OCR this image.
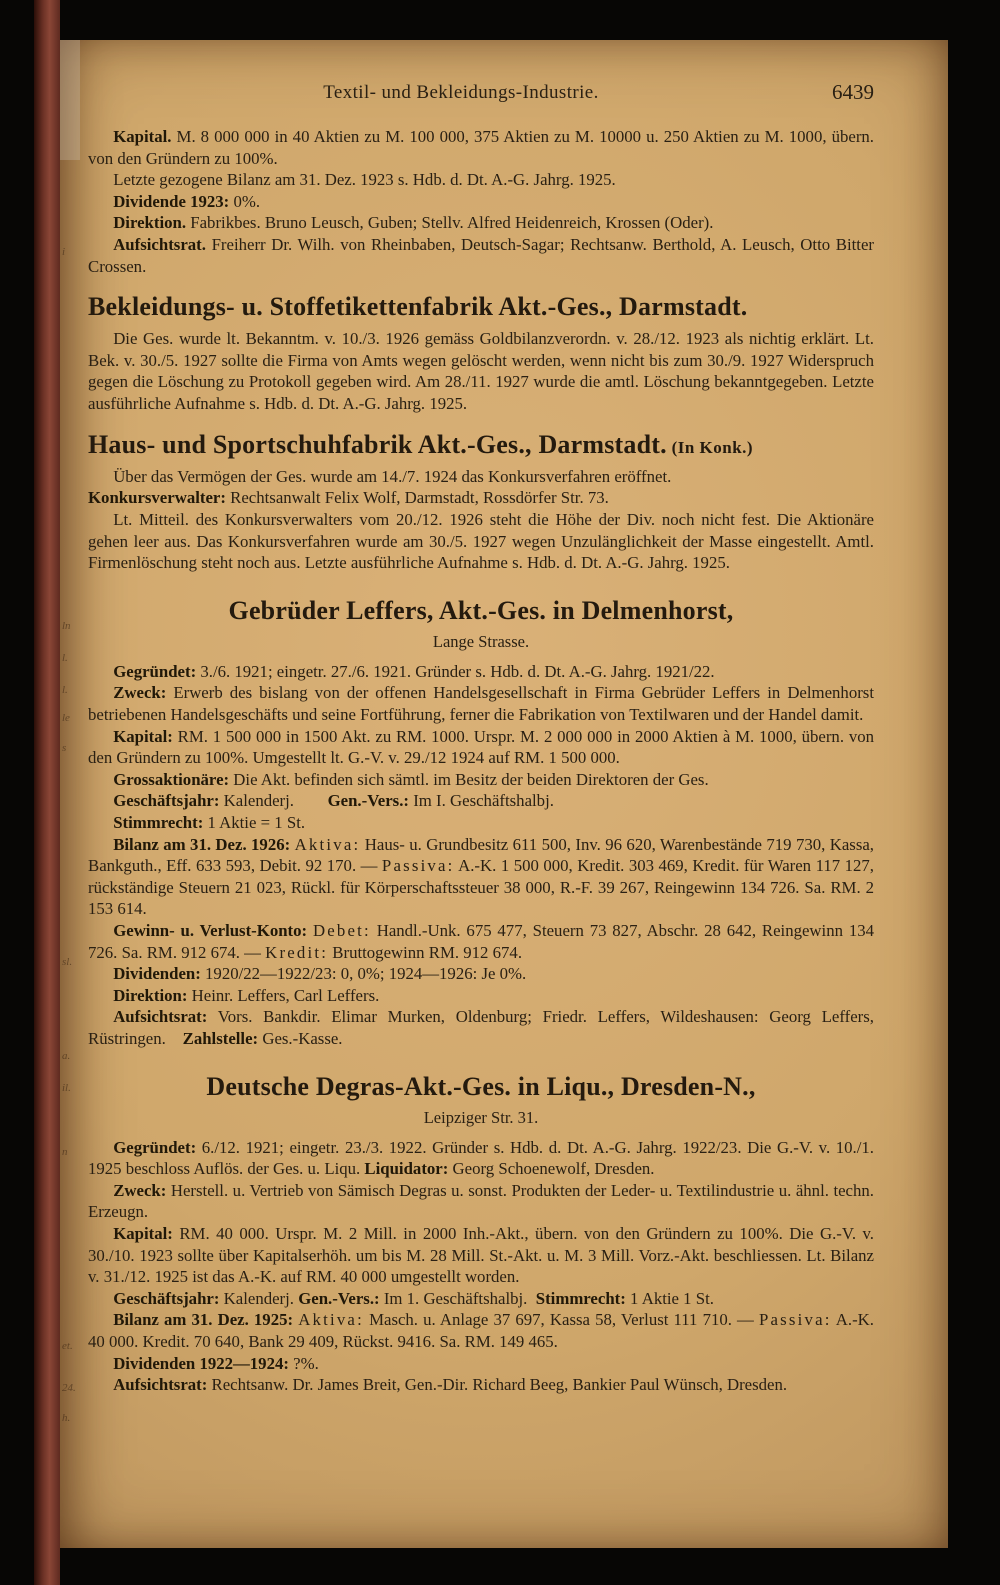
Textil- und Bekleidungs-Industrie.	6439

Kapital. M. 8 000 000 in 40 Aktien zu M. 100 000, 375 Aktien zu M. 10000 u. 250 Aktien zu M. 1000, übern. von den Gründern zu 100%.

Letzte gezogene Bilanz am 31. Dez. 1923 s. Hdb. d. Dt. A.-G. Jahrg. 1925.

Dividende 1923: 0%.

Direktion. Fabrikbes. Bruno Leusch, Guben; Stellv. Alfred Heidenreich, Krossen (Oder).

Aufsichtsrat. Freiherr Dr. Wilh. von Rheinbaben, Deutsch-Sagar; Rechtsanw. Berthold, A. Leusch, Otto Bitter Crossen.

Bekleidungs- u. Stoffetikettenfabrik Akt.-Ges., Darmstadt.

Die Ges. wurde lt. Bekanntm. v. 10./3. 1926 gemäss Goldbilanzverordn. v. 28./12. 1923 als nichtig erklärt. Lt. Bek. v. 30./5. 1927 sollte die Firma von Amts wegen gelöscht werden, wenn nicht bis zum 30./9. 1927 Widerspruch gegen die Löschung zu Protokoll gegeben wird. Am 28./11. 1927 wurde die amtl. Löschung bekanntgegeben. Letzte ausführliche Aufnahme s. Hdb. d. Dt. A.-G. Jahrg. 1925.

Haus- und Sportschuhfabrik Akt.-Ges., Darmstadt. (In Konk.)

Über das Vermögen der Ges. wurde am 14./7. 1924 das Konkursverfahren eröffnet.

Konkursverwalter: Rechtsanwalt Felix Wolf, Darmstadt, Rossdörfer Str. 73.

Lt. Mitteil. des Konkursverwalters vom 20./12. 1926 steht die Höhe der Div. noch nicht fest. Die Aktionäre gehen leer aus. Das Konkursverfahren wurde am 30./5. 1927 wegen Unzulänglichkeit der Masse eingestellt. Amtl. Firmenlöschung steht noch aus. Letzte ausführliche Aufnahme s. Hdb. d. Dt. A.-G. Jahrg. 1925.

Gebrüder Leffers, Akt.-Ges. in Delmenhorst,
Lange Strasse.

Gegründet: 3./6. 1921; eingetr. 27./6. 1921. Gründer s. Hdb. d. Dt. A.-G. Jahrg. 1921/22.

Zweck: Erwerb des bislang von der offenen Handelsgesellschaft in Firma Gebrüder Leffers in Delmenhorst betriebenen Handelsgeschäfts und seine Fortführung, ferner die Fabrikation von Textilwaren und der Handel damit.

Kapital: RM. 1 500 000 in 1500 Akt. zu RM. 1000. Urspr. M. 2 000 000 in 2000 Aktien à M. 1000, übern. von den Gründern zu 100%. Umgestellt lt. G.-V. v. 29./12 1924 auf RM. 1 500 000.

Grossaktionäre: Die Akt. befinden sich sämtl. im Besitz der beiden Direktoren der Ges.

Geschäftsjahr: Kalenderj.  Gen.-Vers.: Im I. Geschäftshalbj.

Stimmrecht: 1 Aktie = 1 St.

Bilanz am 31. Dez. 1926: Aktiva: Haus- u. Grundbesitz 611 500, Inv. 96 620, Warenbestände 719 730, Kassa, Bankguth., Eff. 633 593, Debit. 92 170. — Passiva: A.-K. 1 500 000, Kredit. 303 469, Kredit. für Waren 117 127, rückständige Steuern 21 023, Rückl. für Körperschaftssteuer 38 000, R.-F. 39 267, Reingewinn 134 726. Sa. RM. 2 153 614.

Gewinn- u. Verlust-Konto: Debet: Handl.-Unk. 675 477, Steuern 73 827, Abschr. 28 642, Reingewinn 134 726. Sa. RM. 912 674. — Kredit: Bruttogewinn RM. 912 674.

Dividenden: 1920/22—1922/23: 0, 0%; 1924—1926: Je 0%.

Direktion: Heinr. Leffers, Carl Leffers.

Aufsichtsrat: Vors. Bankdir. Elimar Murken, Oldenburg; Friedr. Leffers, Wildeshausen: Georg Leffers, Rüstringen. Zahlstelle: Ges.-Kasse.

Deutsche Degras-Akt.-Ges. in Liqu., Dresden-N.,
Leipziger Str. 31.

Gegründet: 6./12. 1921; eingetr. 23./3. 1922. Gründer s. Hdb. d. Dt. A.-G. Jahrg. 1922/23. Die G.-V. v. 10./1. 1925 beschloss Auflös. der Ges. u. Liqu. Liquidator: Georg Schoenewolf, Dresden.

Zweck: Herstell. u. Vertrieb von Sämisch Degras u. sonst. Produkten der Leder- u. Textilindustrie u. ähnl. techn. Erzeugn.

Kapital: RM. 40 000. Urspr. M. 2 Mill. in 2000 Inh.-Akt., übern. von den Gründern zu 100%. Die G.-V. v. 30./10. 1923 sollte über Kapitalserhöh. um bis M. 28 Mill. St.-Akt. u. M. 3 Mill. Vorz.-Akt. beschliessen. Lt. Bilanz v. 31./12. 1925 ist das A.-K. auf RM. 40 000 umgestellt worden.

Geschäftsjahr: Kalenderj. Gen.-Vers.: Im 1. Geschäftshalbj. Stimmrecht: 1 Aktie 1 St.

Bilanz am 31. Dez. 1925: Aktiva: Masch. u. Anlage 37 697, Kassa 58, Verlust 111 710. — Passiva: A.-K. 40 000. Kredit. 70 640, Bank 29 409, Rückst. 9416. Sa. RM. 149 465.

Dividenden 1922—1924: ?%.

Aufsichtsrat: Rechtsanw. Dr. James Breit, Gen.-Dir. Richard Beeg, Bankier Paul Wünsch, Dresden.

i
ln
l.
l.
le
s
sl.
a.
il.
n
et.
24.
h.
